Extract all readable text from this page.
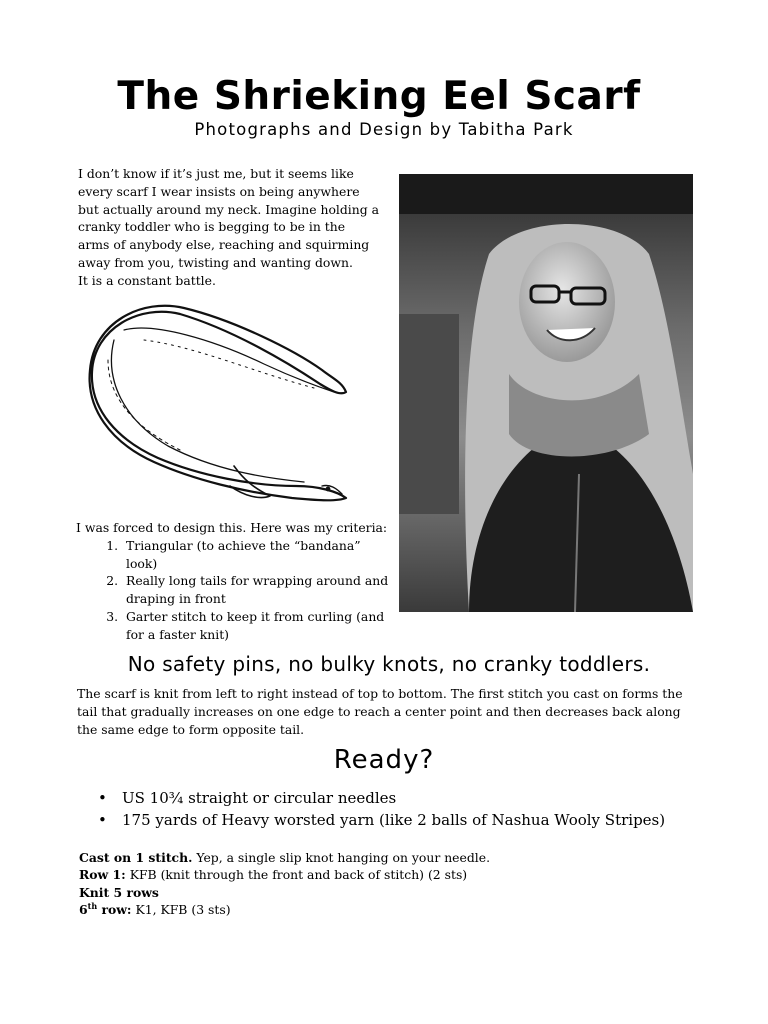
The Shrieking Eel Scarf
Photographs and Design by Tabitha Park

I don’t know if it’s just me, but it seems like

every scarf I wear insists on being anywhere

but actually around my neck. Imagine holding a

cranky toddler who is begging to be in the

arms of anybody else, reaching and squirming

away from you, twisting and wanting down.

It is a constant battle.

I was forced to design this. Here was my criteria:

1. Triangular (to achieve the “bandana” look)
2. Really long tails for wrapping around and draping in front
3. Garter stitch to keep it from curling (and for a faster knit)
No safety pins, no bulky knots, no cranky toddlers.

The scarf is knit from left to right instead of top to bottom. The first stitch you cast on forms the tail that gradually increases on one edge to reach a center point and then decreases back along the same edge to form opposite tail.

Ready?
• US 10¾ straight or circular needles
• 175 yards of Heavy worsted yarn (like 2 balls of Nashua Wooly Stripes)
Cast on 1 stitch. Yep, a single slip knot hanging on your needle.
Row 1: KFB (knit through the front and back of stitch) (2 sts)
Knit 5 rows
6th row: K1, KFB (3 sts)
